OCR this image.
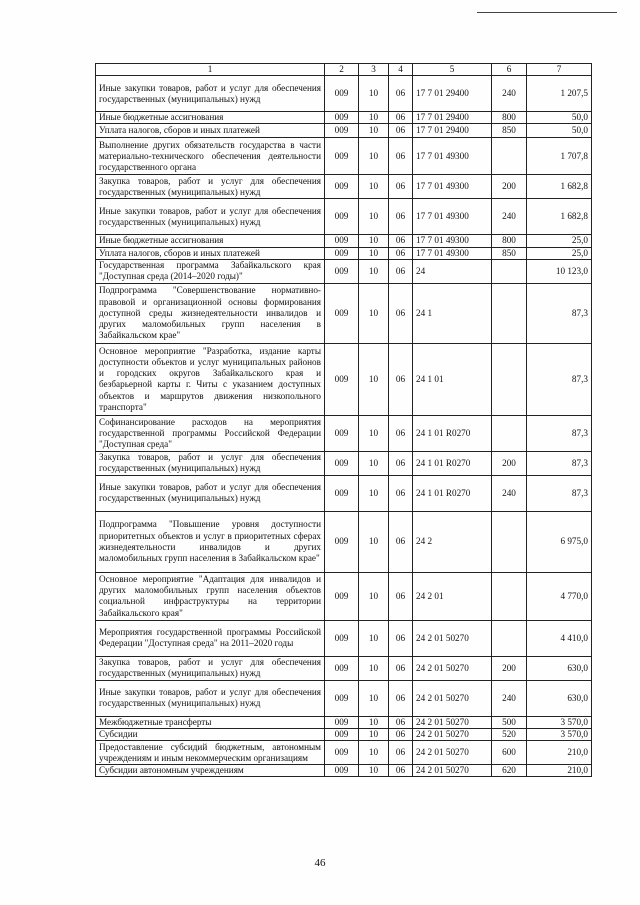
1	2	3	4	5	6	7
Иные закупки товаров, работ и услуг для обеспечения государственных (муниципальных) нужд	009	10	06	17 7 01 29400	240	1 207,5
Иные бюджетные ассигнования	009	10	06	17 7 01 29400	800	50,0
Уплата налогов, сборов и иных платежей	009	10	06	17 7 01 29400	850	50,0
Выполнение других обязательств государства в части материально-технического обеспечения деятельности государственного органа	009	10	06	17 7 01 49300		1 707,8
Закупка товаров, работ и услуг для обеспечения государственных (муниципальных) нужд	009	10	06	17 7 01 49300	200	1 682,8
Иные закупки товаров, работ и услуг для обеспечения государственных (муниципальных) нужд	009	10	06	17 7 01 49300	240	1 682,8
Иные бюджетные ассигнования	009	10	06	17 7 01 49300	800	25,0
Уплата налогов, сборов и иных платежей	009	10	06	17 7 01 49300	850	25,0
Государственная программа Забайкальского края "Доступная среда (2014–2020 годы)"	009	10	06	24		10 123,0
Подпрограмма "Совершенствование нормативно-правовой и организационной основы формирования доступной среды жизнедеятельности инвалидов и других маломобильных групп населения в Забайкальском крае"	009	10	06	24 1		87,3
Основное мероприятие "Разработка, издание карты доступности объектов и услуг муниципальных районов и городских округов Забайкальского края и безбарьерной карты г. Читы с указанием доступных объектов и маршрутов движения низкопольного транспорта"	009	10	06	24 1 01		87,3
Софинансирование расходов на мероприятия государственной программы Российской Федерации "Доступная среда"	009	10	06	24 1 01 R0270		87,3
Закупка товаров, работ и услуг для обеспечения государственных (муниципальных) нужд	009	10	06	24 1 01 R0270	200	87,3
Иные закупки товаров, работ и услуг для обеспечения государственных (муниципальных) нужд	009	10	06	24 1 01 R0270	240	87,3
Подпрограмма "Повышение уровня доступности приоритетных объектов и услуг в приоритетных сферах жизнедеятельности инвалидов и других маломобильных групп населения в Забайкальском крае"	009	10	06	24 2		6 975,0
Основное мероприятие "Адаптация для инвалидов и других маломобильных групп населения объектов социальной инфраструктуры на территории Забайкальского края"	009	10	06	24 2 01		4 770,0
Мероприятия государственной программы Российской Федерации "Доступная среда" на 2011–2020 годы	009	10	06	24 2 01 50270		4 410,0
Закупка товаров, работ и услуг для обеспечения государственных (муниципальных) нужд	009	10	06	24 2 01 50270	200	630,0
Иные закупки товаров, работ и услуг для обеспечения государственных (муниципальных) нужд	009	10	06	24 2 01 50270	240	630,0
Межбюджетные трансферты	009	10	06	24 2 01 50270	500	3 570,0
Субсидии	009	10	06	24 2 01 50270	520	3 570,0
Предоставление субсидий бюджетным, автономным учреждениям и иным некоммерческим организациям	009	10	06	24 2 01 50270	600	210,0
Субсидии автономным учреждениям	009	10	06	24 2 01 50270	620	210,0
46
